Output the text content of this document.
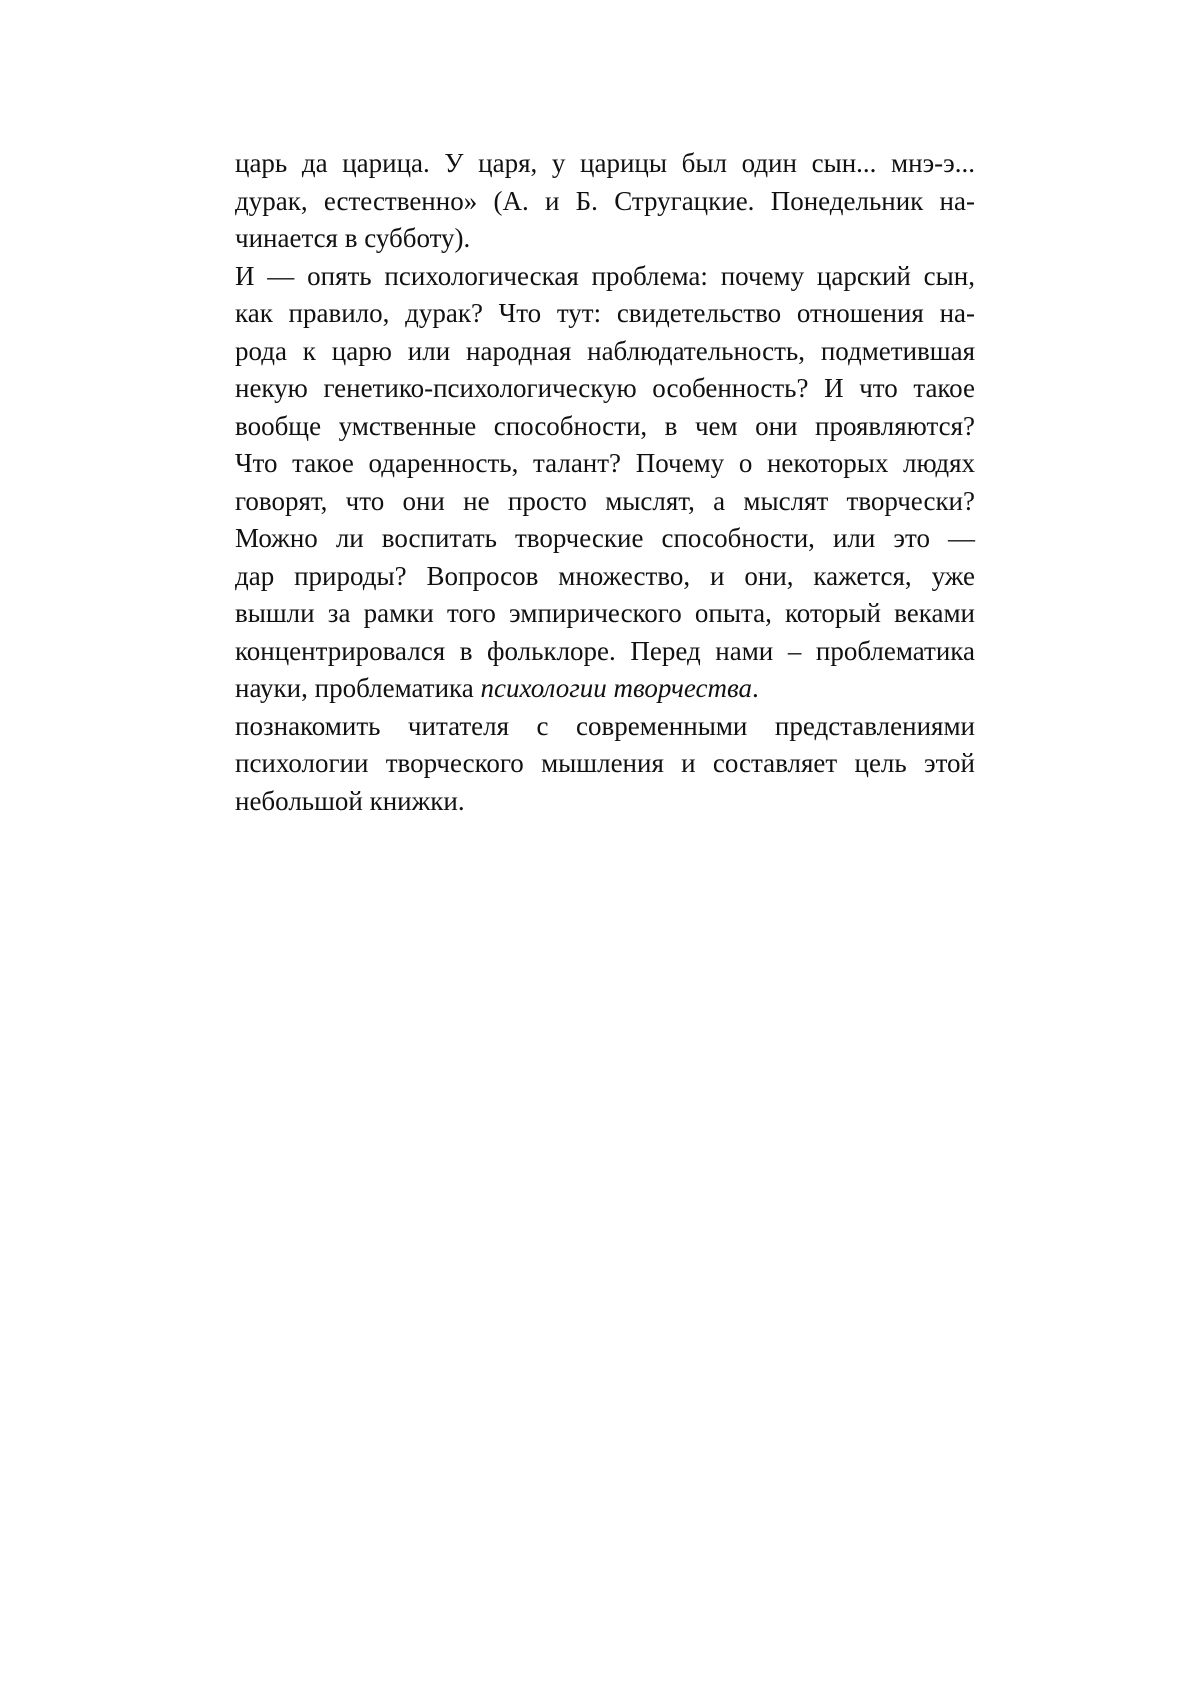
царь да царица. У царя, у царицы был один сын... мнэ-э...
дурак, естественно» (А. и Б. Стругацкие. Понедельник на-
чинается в субботу).
И — опять психологическая проблема: почему царский сын,
как правило, дурак? Что тут: свидетельство отношения на-
рода к царю или народная наблюдательность, подметившая
некую генетико-психологическую особенность? И что такое
вообще умственные способности, в чем они проявляются?
Что такое одаренность, талант? Почему о некоторых людях
говорят, что они не просто мыслят, а мыслят творчески?
Можно ли воспитать творческие способности, или это —
дар природы? Вопросов множество, и они, кажется, уже
вышли за рамки того эмпирического опыта, который веками
концентрировался в фольклоре. Перед нами – проблематика
науки, проблематика психологии творчества.
познакомить читателя с современными представлениями
психологии творческого мышления и составляет цель этой
небольшой книжки.
